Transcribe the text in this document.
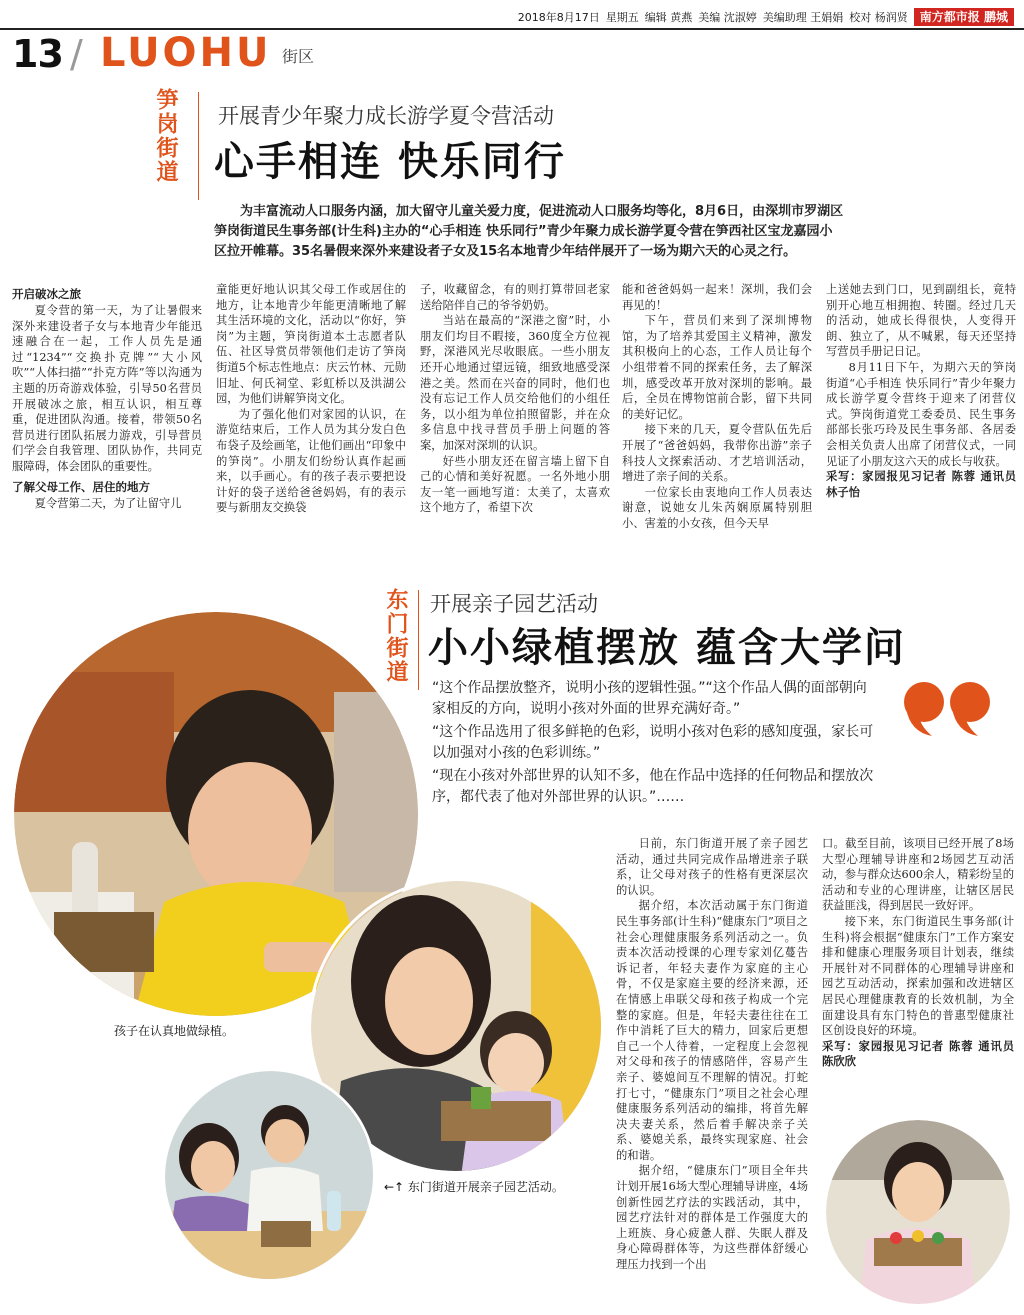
2018年8月17日 星期五 编辑 黄燕 美编 沈淑婷 美编助理 王娟娟 校对 杨润贤	南方都市报 鹏城
13 / LUOHU 街区
笋岗街道 开展青少年聚力成长游学夏令营活动
心手相连 快乐同行
为丰富流动人口服务内涵，加大留守儿童关爱力度，促进流动人口服务均等化，8月6日，由深圳市罗湖区笋岗街道民生事务部(计生科)主办的“心手相连 快乐同行”青少年聚力成长游学夏令营在笋西社区宝龙嘉园小区拉开帷幕。35名暑假来深外来建设者子女及15名本地青少年结伴展开了一场为期六天的心灵之行。
开启破冰之旅

夏令营的第一天，为了让暑假来深外来建设者子女与本地青少年能迅速融合在一起，工作人员先是通过“1234”“交换扑克牌”“大小风吹”“人体扫描”“扑克方阵”等以沟通为主题的历奇游戏体验，引导50名营员开展破冰之旅，相互认识，相互尊重，促进团队沟通。接着，带领50名营员进行团队拓展力游戏，引导营员们学会自我管理、团队协作，共同克服障碍，体会团队的重要性。

了解父母工作、居住的地方

夏令营第二天，为了让留守儿

童能更好地认识其父母工作或居住的地方，让本地青少年能更清晰地了解其生活环境的文化，活动以“你好，笋岗”为主题，笋岗街道本土志愿者队伍、社区导赏员带领他们走访了笋岗街道5个标志性地点：庆云竹林、元勋旧址、何氏祠堂、彩虹桥以及洪湖公园，为他们讲解笋岗文化。

为了强化他们对家园的认识，在游览结束后，工作人员为其分发白色布袋子及绘画笔，让他们画出“印象中的笋岗”。小朋友们纷纷认真作起画来，以手画心。有的孩子表示要把设计好的袋子送给爸爸妈妈，有的表示要与新朋友交换袋

子，收藏留念，有的则打算带回老家送给陪伴自己的爷爷奶奶。

当站在最高的“深港之窗”时，小朋友们均目不暇接，360度全方位视野，深港风光尽收眼底。一些小朋友还开心地通过望远镜，细致地感受深港之美。然而在兴奋的同时，他们也没有忘记工作人员交给他们的小组任务，以小组为单位拍照留影，并在众多信息中找寻营员手册上问题的答案，加深对深圳的认识。

好些小朋友还在留言墙上留下自己的心情和美好祝愿。一名外地小朋友一笔一画地写道：太美了，太喜欢这个地方了，希望下次

能和爸爸妈妈一起来！深圳，我们会再见的！

下午，营员们来到了深圳博物馆，为了培养其爱国主义精神，激发其积极向上的心态，工作人员让每个小组带着不同的探索任务，去了解深圳，感受改革开放对深圳的影响。最后，全员在博物馆前合影，留下共同的美好记忆。

接下来的几天，夏令营队伍先后开展了“爸爸妈妈，我带你出游”亲子科技人文探索活动、才艺培训活动，增进了亲子间的关系。

一位家长由衷地向工作人员表达谢意，说她女儿朱芮娴原属特别胆小、害羞的小女孩，但今天早

上送她去到门口，见到副组长，竟特别开心地互相拥抱、转圈。经过几天的活动，她成长得很快，人变得开朗、独立了，从不喊累，每天还坚持写营员手册记日记。

8月11日下午，为期六天的笋岗街道“心手相连 快乐同行”青少年聚力成长游学夏令营终于迎来了闭营仪式。笋岗街道党工委委员、民生事务部部长张巧玲及民生事务部、各居委会相关负责人出席了闭营仪式，一同见证了小朋友这六天的成长与收获。

采写：家园报见习记者 陈蓉 通讯员 林子怡

东门街道 开展亲子园艺活动
小小绿植摆放 蕴含大学问

“这个作品摆放整齐，说明小孩的逻辑性强。”“这个作品人偶的面部朝向家相反的方向，说明小孩对外面的世界充满好奇。”

“这个作品选用了很多鲜艳的色彩，说明小孩对色彩的感知度强，家长可以加强对小孩的色彩训练。”

“现在小孩对外部世界的认知不多，他在作品中选择的任何物品和摆放次序，都代表了他对外部世界的认识。”……

孩子在认真地做绿植。
←↑ 东门街道开展亲子园艺活动。

日前，东门街道开展了亲子园艺活动，通过共同完成作品增进亲子联系，让父母对孩子的性格有更深层次的认识。

据介绍，本次活动属于东门街道民生事务部(计生科)“健康东门”项目之社会心理健康服务系列活动之一。负责本次活动授课的心理专家刘亿蔓告诉记者，年轻夫妻作为家庭的主心骨，不仅是家庭主要的经济来源，还在情感上串联父母和孩子构成一个完整的家庭。但是，年轻夫妻往往在工作中消耗了巨大的精力，回家后更想自己一个人待着，一定程度上会忽视对父母和孩子的情感陪伴，容易产生亲子、婆媳间互不理解的情况。打蛇打七寸，“健康东门”项目之社会心理健康服务系列活动的编排，将首先解决夫妻关系，然后着手解决亲子关系、婆媳关系，最终实现家庭、社会的和谐。

据介绍，“健康东门”项目全年共计划开展16场大型心理辅导讲座，4场创新性园艺疗法的实践活动，其中，园艺疗法针对的群体是工作强度大的上班族、身心疲惫人群、失眠人群及身心障碍群体等，为这些群体舒缓心理压力找到一个出

口。截至目前，该项目已经开展了8场大型心理辅导讲座和2场园艺互动活动，参与群众达600余人，精彩纷呈的活动和专业的心理讲座，让辖区居民获益匪浅，得到居民一致好评。

接下来，东门街道民生事务部(计生科)将会根据“健康东门”工作方案安排和健康心理服务项目计划表，继续开展针对不同群体的心理辅导讲座和园艺互动活动，探索加强和改进辖区居民心理健康教育的长效机制，为全面建设具有东门特色的普惠型健康社区创设良好的环境。

采写：家园报见习记者 陈蓉 通讯员 陈欣欣
